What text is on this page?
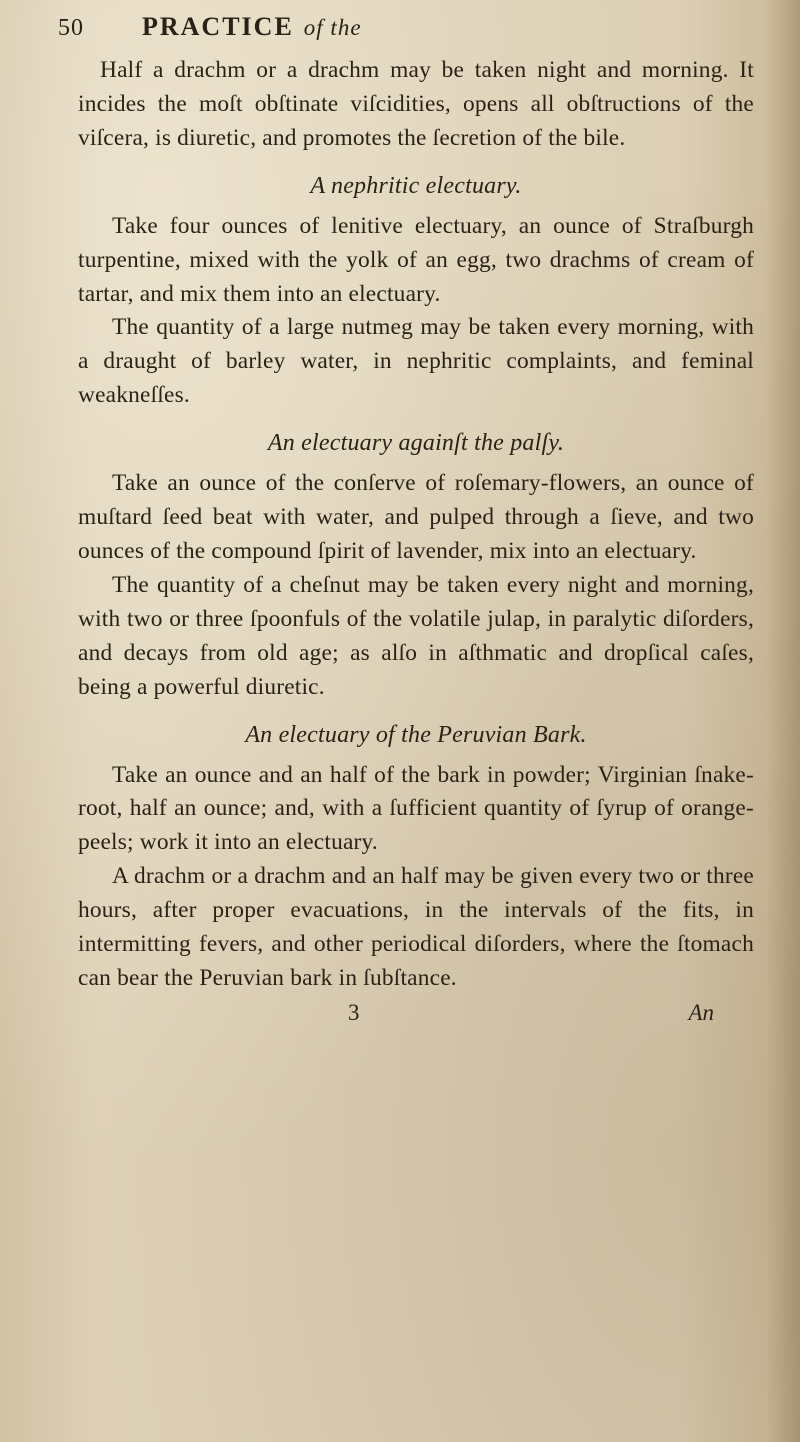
50	PRACTICE of the

Half a drachm or a drachm may be taken night and morning. It incides the moſt obſtinate viſcidities, opens all obſtructions of the viſcera, is diuretic, and promotes the ſecretion of the bile.

A nephritic electuary.

Take four ounces of lenitive electuary, an ounce of Straſburgh turpentine, mixed with the yolk of an egg, two drachms of cream of tartar, and mix them into an electuary.

The quantity of a large nutmeg may be taken every morning, with a draught of barley water, in nephritic complaints, and feminal weakneſſes.

An electuary againſt the palſy.

Take an ounce of the conſerve of roſemary-flowers, an ounce of muſtard ſeed beat with water, and pulped through a ſieve, and two ounces of the compound ſpirit of lavender, mix into an electuary.

The quantity of a cheſnut may be taken every night and morning, with two or three ſpoonfuls of the volatile julap, in paralytic diſorders, and decays from old age; as alſo in aſthmatic and dropſical caſes, being a powerful diuretic.

An electuary of the Peruvian Bark.

Take an ounce and an half of the bark in powder; Virginian ſnake-root, half an ounce; and, with a ſufficient quantity of ſyrup of orange-peels; work it into an electuary.

A drachm or a drachm and an half may be given every two or three hours, after proper evacuations, in the intervals of the fits, in intermitting fevers, and other periodical diſorders, where the ſtomach can bear the Peruvian bark in ſubſtance.

3	An
